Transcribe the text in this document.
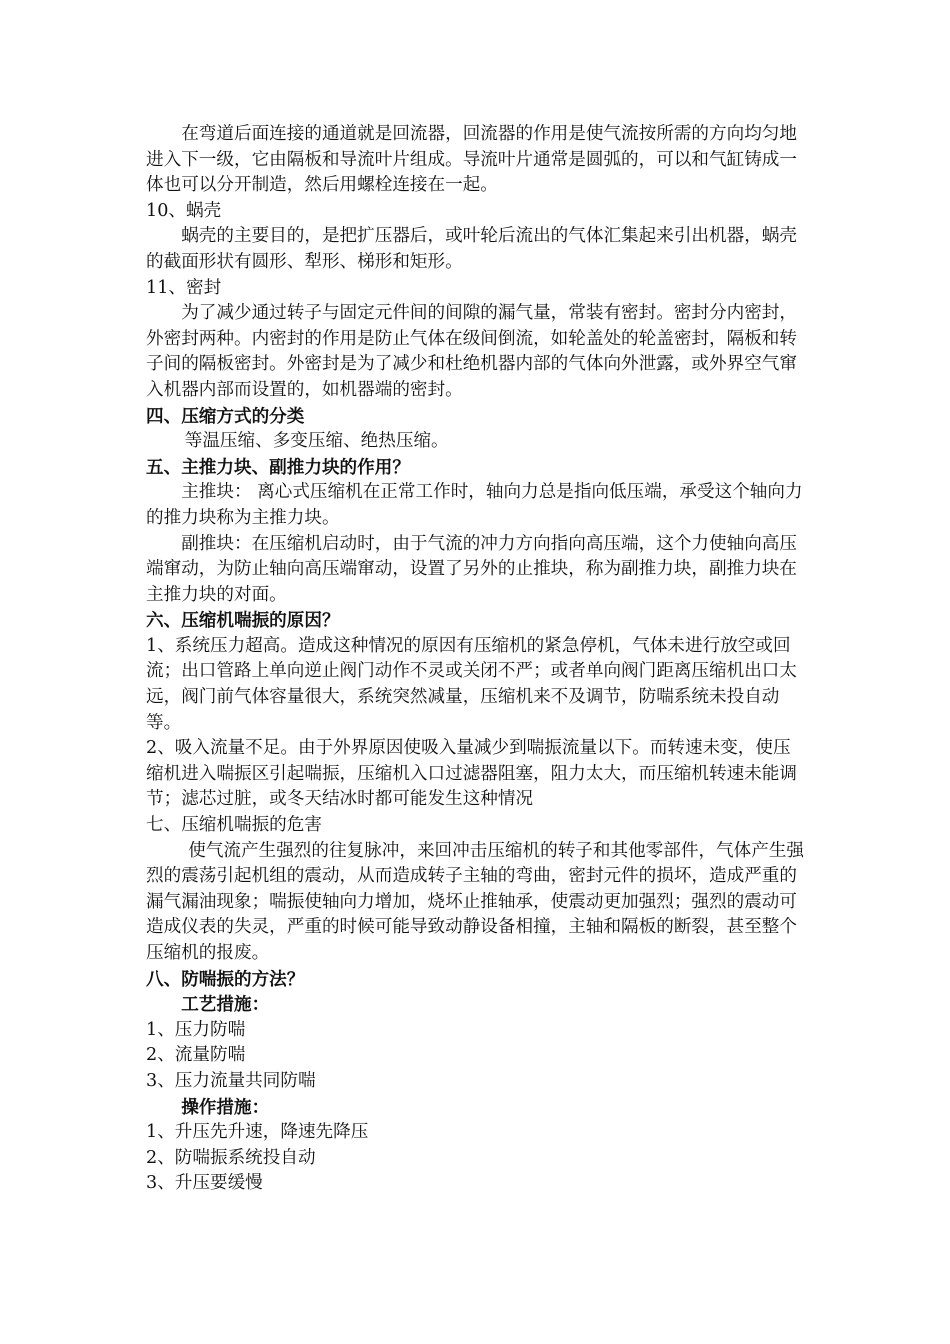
在弯道后面连接的通道就是回流器，回流器的作用是使气流按所需的方向均匀地进入下一级，它由隔板和导流叶片组成。导流叶片通常是圆弧的，可以和气缸铸成一体也可以分开制造，然后用螺栓连接在一起。

10、蜗壳

蜗壳的主要目的，是把扩压器后，或叶轮后流出的气体汇集起来引出机器，蜗壳的截面形状有圆形、犁形、梯形和矩形。

11、密封

为了减少通过转子与固定元件间的间隙的漏气量，常装有密封。密封分内密封，外密封两种。内密封的作用是防止气体在级间倒流，如轮盖处的轮盖密封，隔板和转子间的隔板密封。外密封是为了减少和杜绝机器内部的气体向外泄露，或外界空气窜入机器内部而设置的，如机器端的密封。

四、压缩方式的分类

等温压缩、多变压缩、绝热压缩。

五、主推力块、副推力块的作用？

主推块： 离心式压缩机在正常工作时，轴向力总是指向低压端，承受这个轴向力的推力块称为主推力块。

副推块：在压缩机启动时，由于气流的冲力方向指向高压端，这个力使轴向高压端窜动，为防止轴向高压端窜动，设置了另外的止推块，称为副推力块，副推力块在主推力块的对面。

六、压缩机喘振的原因？

1、系统压力超高。造成这种情况的原因有压缩机的紧急停机，气体未进行放空或回流；出口管路上单向逆止阀门动作不灵或关闭不严；或者单向阀门距离压缩机出口太远，阀门前气体容量很大，系统突然减量，压缩机来不及调节，防喘系统未投自动等。

2、吸入流量不足。由于外界原因使吸入量减少到喘振流量以下。而转速未变，使压缩机进入喘振区引起喘振，压缩机入口过滤器阻塞，阻力太大，而压缩机转速未能调节；滤芯过脏，或冬天结冰时都可能发生这种情况

七、压缩机喘振的危害

使气流产生强烈的往复脉冲，来回冲击压缩机的转子和其他零部件，气体产生强烈的震荡引起机组的震动，从而造成转子主轴的弯曲，密封元件的损坏，造成严重的漏气漏油现象；喘振使轴向力增加，烧坏止推轴承，使震动更加强烈；强烈的震动可造成仪表的失灵，严重的时候可能导致动静设备相撞，主轴和隔板的断裂，甚至整个压缩机的报废。

八、防喘振的方法？

工艺措施：

1、压力防喘

2、流量防喘

3、压力流量共同防喘

操作措施：

1、升压先升速，降速先降压

2、防喘振系统投自动

3、升压要缓慢
